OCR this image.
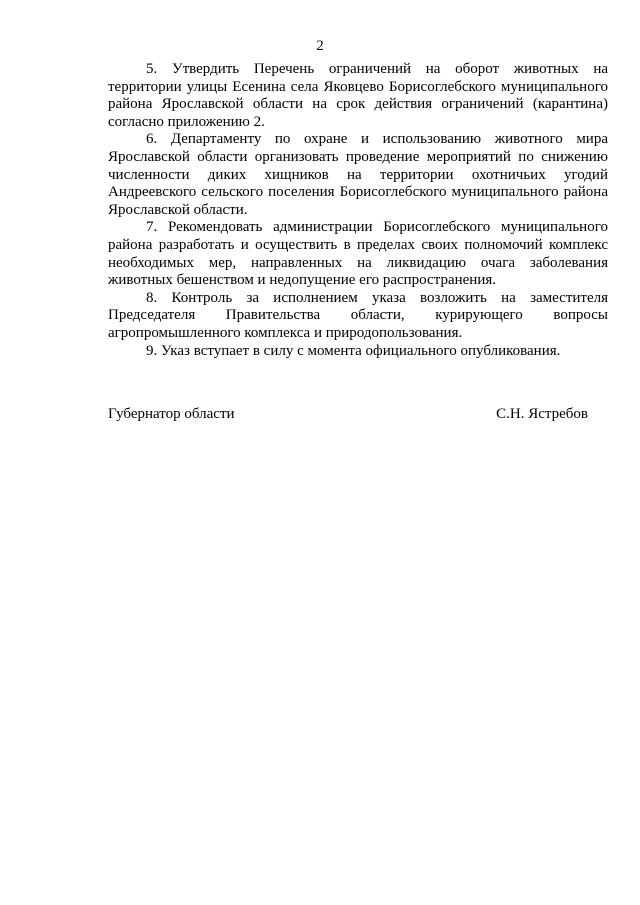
2

5. Утвердить Перечень ограничений на оборот животных на территории улицы Есенина села Яковцево Борисоглебского муниципального района Ярославской области на срок действия ограничений (карантина) согласно приложению 2.

6. Департаменту по охране и использованию животного мира Ярославской области организовать проведение мероприятий по снижению численности диких хищников на территории охотничьих угодий Андреевского сельского поселения Борисоглебского муниципального района Ярославской области.

7. Рекомендовать администрации Борисоглебского муниципального района разработать и осуществить в пределах своих полномочий комплекс необходимых мер, направленных на ликвидацию очага заболевания животных бешенством и недопущение его распространения.

8. Контроль за исполнением указа возложить на заместителя Председателя Правительства области, курирующего вопросы агропромышленного комплекса и природопользования.

9. Указ вступает в силу с момента официального опубликования.

Губернатор области	С.Н. Ястребов
